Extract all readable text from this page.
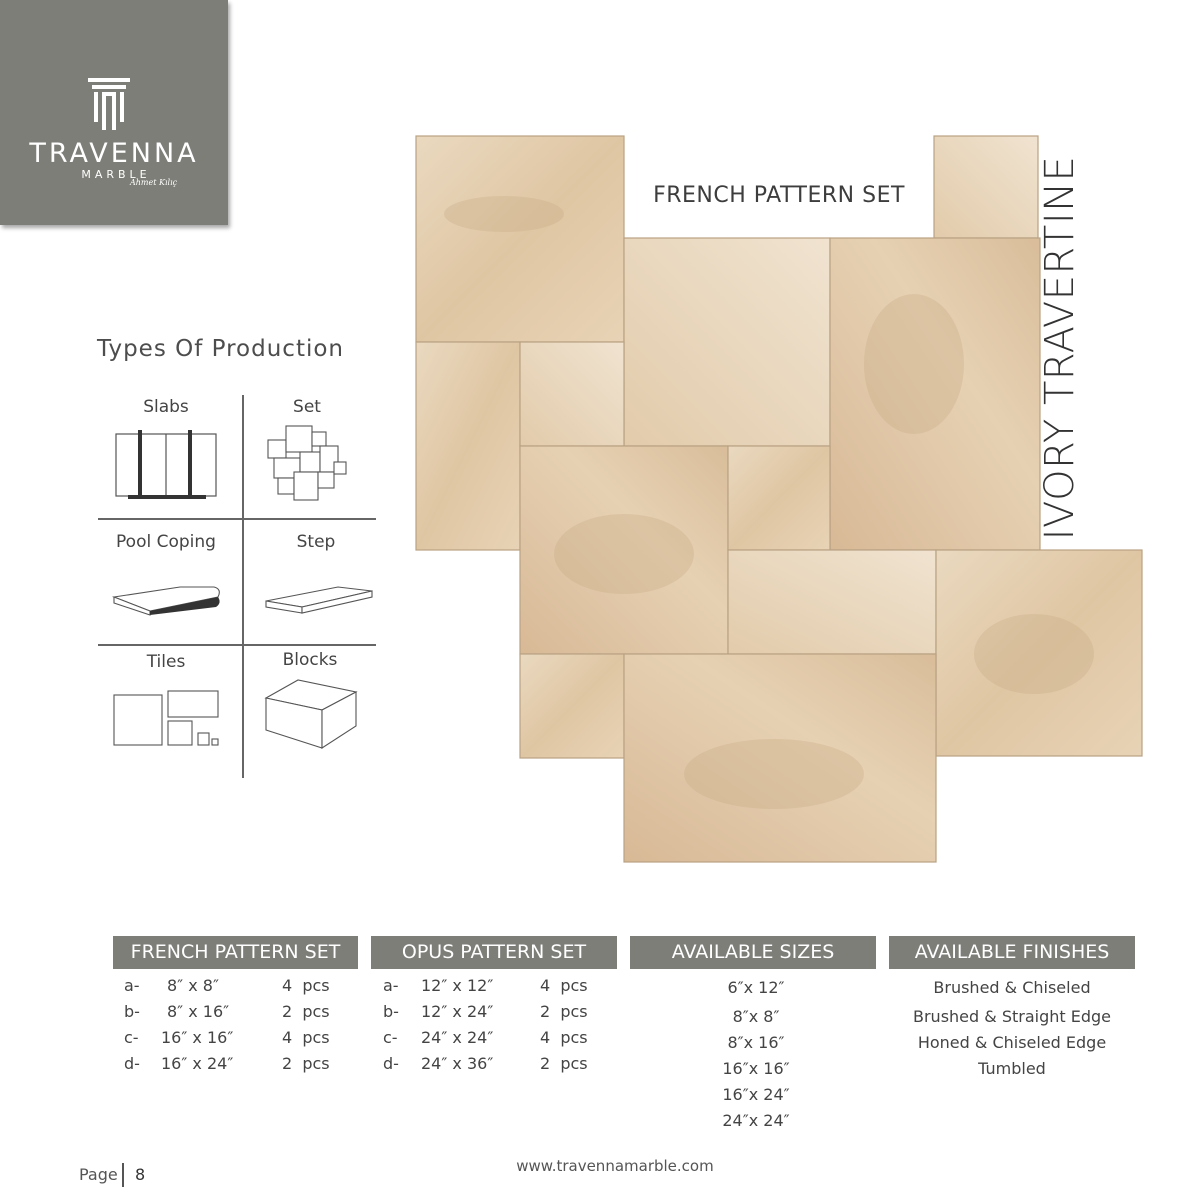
TRAVENNA
MARBLE
Ahmet Kılıç
Types Of Production
Slabs	Set
Pool Coping	Step
Tiles	Blocks
FRENCH PATTERN SET	IVORY TRAVERTINE
FRENCH PATTERN SET	OPUS PATTERN SET	AVAILABLE SIZES	AVAILABLE FINISHES
a- 8″ x 8″	4  pcs
b- 8″ x 16″	2  pcs
c- 16″ x 16″	4  pcs
d- 16″ x 24″	2  pcs
a- 12″ x 12″	4  pcs
b- 12″ x 24″	2  pcs
c- 24″ x 24″	4  pcs
d- 24″ x 36″	2  pcs
6″x 12″
8″x 8″
8″x 16″
16″x 16″
16″x 24″
24″x 24″
Brushed & Chiseled
Brushed & Straight Edge
Honed & Chiseled Edge
Tumbled
Page 8	www.travennamarble.com
